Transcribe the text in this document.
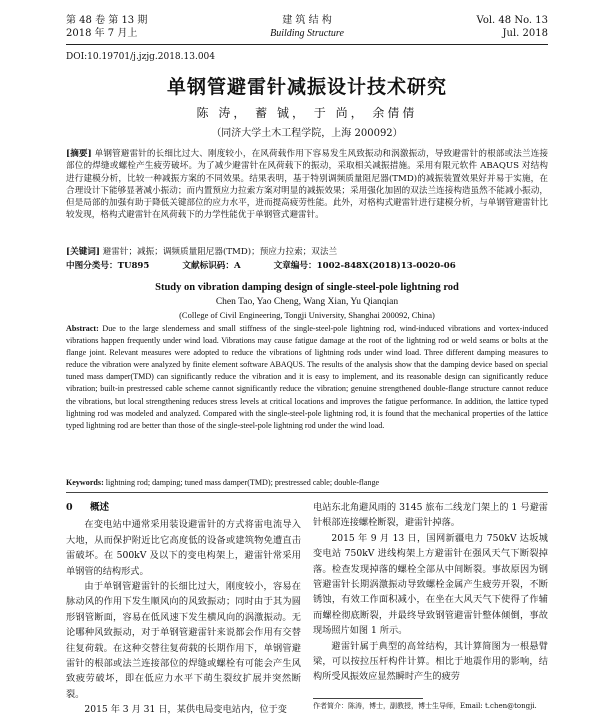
第 48 卷 第 13 期
2018 年 7 月上
建 筑 结 构
Building Structure
Vol. 48 No. 13
Jul. 2018
DOI:10.19701/j.jzjg.2018.13.004
单钢管避雷针减振设计技术研究
陈 涛， 蓄 铖， 于 尚， 余倩倩
（同济大学土木工程学院，上海 200092）
[摘要] 单钢管避雷针的长细比过大、刚度较小，在风荷载作用下容易发生风致振动和涡激振动，导致避雷针的根部或法兰连接部位的焊缝或螺栓产生疲劳破坏。为了减少避雷针在风荷载下的振动，采取相关减振措施。采用有限元软件 ABAQUS 对结构进行建模分析，比较一种减振方案的不同效果。结果表明，基于特别调频质量阻尼器(TMD)的减振装置效果好并易于实施，在合理设计下能够显著减小振动；而内置预应力拉索方案对明显的减振效果；采用强化加固的双法兰连接构造虽然不能减小振动，但是局部的加强有助于降低关键部位的应力水平，进而提高疲劳性能。此外，对格构式避雷针进行建模分析，与单钢管避雷针比较发现，格构式避雷针在风荷载下的力学性能优于单钢管式避雷针。
[关键词] 避雷针；减振；调频质量阻尼器(TMD)；预应力拉索；双法兰
中图分类号：TU895	文献标识码：A	文章编号：1002-848X(2018)13-0020-06
Study on vibration damping design of single-steel-pole lightning rod
Chen Tao, Yao Cheng, Wang Xian, Yu Qianqian
(College of Civil Engineering, Tongji University, Shanghai 200092, China)
Abstract: Due to the large slenderness and small stiffness of the single-steel-pole lightning rod, wind-induced vibrations and vortex-induced vibrations happen frequently under wind load. Vibrations may cause fatigue damage at the root of the lightning rod or weld seams or bolts at the flange joint. Relevant measures were adopted to reduce the vibrations of lightning rods under wind load. Three different damping measures to reduce the vibration were analyzed by finite element software ABAQUS. The results of the analysis show that the damping device based on special tuned mass damper(TMD) can significantly reduce the vibration and it is easy to implement, and its reasonable design can significantly reduce vibration; built-in prestressed cable scheme cannot significantly reduce the vibration; genuine strengthened double-flange structure cannot reduce the vibrations, but local strengthening reduces stress levels at critical locations and improves the fatigue performance. In addition, the lattice typed lightning rod was modeled and analyzed. Compared with the single-steel-pole lightning rod, it is found that the mechanical properties of the lattice typed lightning rod are better than those of the single-steel-pole lightning rod under the wind load.
Keywords: lightning rod; damping; tuned mass damper(TMD); prestressed cable; double-flange
0 概述

在变电站中通常采用装设避雷针的方式将雷电流导入大地，从而保护附近比它高度低的设备或建筑物免遭直击雷破坏。在 500kV 及以下的变电构架上，避雷针常采用单钢管的结构形式。

由于单钢管避雷针的长细比过大，刚度较小，容易在脉动风的作用下发生顺风向的风致振动；同时由于其为圆形钢管断面，容易在低风速下发生横风向的涡激振动。无论哪种风致振动，对于单钢管避雷针来说都会作用有交替往复荷载。在这种交替往复荷载的长期作用下，单钢管避雷针的根部或法兰连接部位的焊缝或螺栓有可能会产生风致疲劳破坏，即在低应力水平下萌生裂纹扩展并突然断裂。

2015 年 3 月 31 日，某供电局变电站内，位于变

电站东北角避风雨的 3145 旅布二线龙门架上的 1 号避雷针根部连接螺栓断裂，避雷针掉落。

2015 年 9 月 13 日，国网新疆电力 750kV 达坂城变电站 750kV 进线构架上方避雷针在强风天气下断裂掉落。检查发现掉落的螺栓全部从中间断裂。事故原因为钢管避雷针长期涡激振动导致螺栓金属产生疲劳开裂，不断锈蚀，有效工作面积减小，在坐在大风天气下使得了作辅而螺栓彻底断裂，并最终导致钢管避雷针整体倾倒，事故现场照片如图 1 所示。

避雷针属于典型的高耸结构，其计算简图为一根悬臂梁，可以按拉压杆构件计算。相比于地震作用的影响，结构所受风振效应显然瞬时产生的疲劳

作者简介：陈涛，博士，副教授，博士生导师，Email: t.chen@tongji.
